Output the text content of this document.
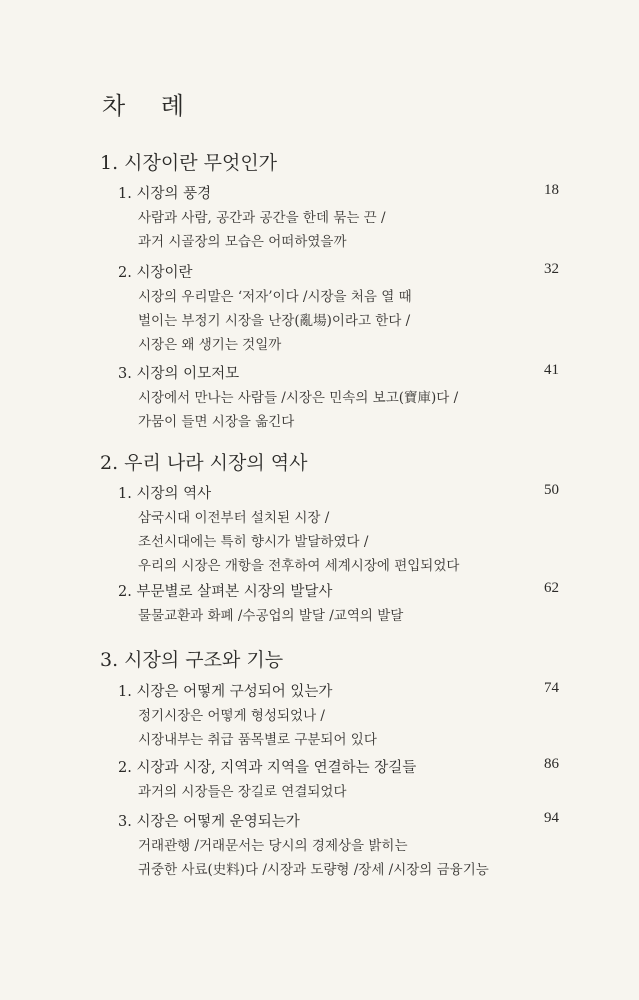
차 례
1. 시장이란 무엇인가
1. 시장의 풍경	18
사람과 사람, 공간과 공간을 한데 묶는 끈 /
과거 시골장의 모습은 어떠하였을까
2. 시장이란	32
시장의 우리말은 ‘저자’이다 /시장을 처음 열 때
벌이는 부정기 시장을 난장(亂場)이라고 한다 /
시장은 왜 생기는 것일까
3. 시장의 이모저모	41
시장에서 만나는 사람들 /시장은 민속의 보고(寶庫)다 /
가뭄이 들면 시장을 옮긴다
2. 우리 나라 시장의 역사
1. 시장의 역사	50
삼국시대 이전부터 설치된 시장 /
조선시대에는 특히 향시가 발달하였다 /
우리의 시장은 개항을 전후하여 세계시장에 편입되었다
2. 부문별로 살펴본 시장의 발달사	62
물물교환과 화폐 /수공업의 발달 /교역의 발달
3. 시장의 구조와 기능
1. 시장은 어떻게 구성되어 있는가	74
정기시장은 어떻게 형성되었나 /
시장내부는 취급 품목별로 구분되어 있다
2. 시장과 시장, 지역과 지역을 연결하는 장길들	86
과거의 시장들은 장길로 연결되었다
3. 시장은 어떻게 운영되는가	94
거래관행 /거래문서는 당시의 경제상을 밝히는
귀중한 사료(史料)다 /시장과 도량형 /장세 /시장의 금융기능
